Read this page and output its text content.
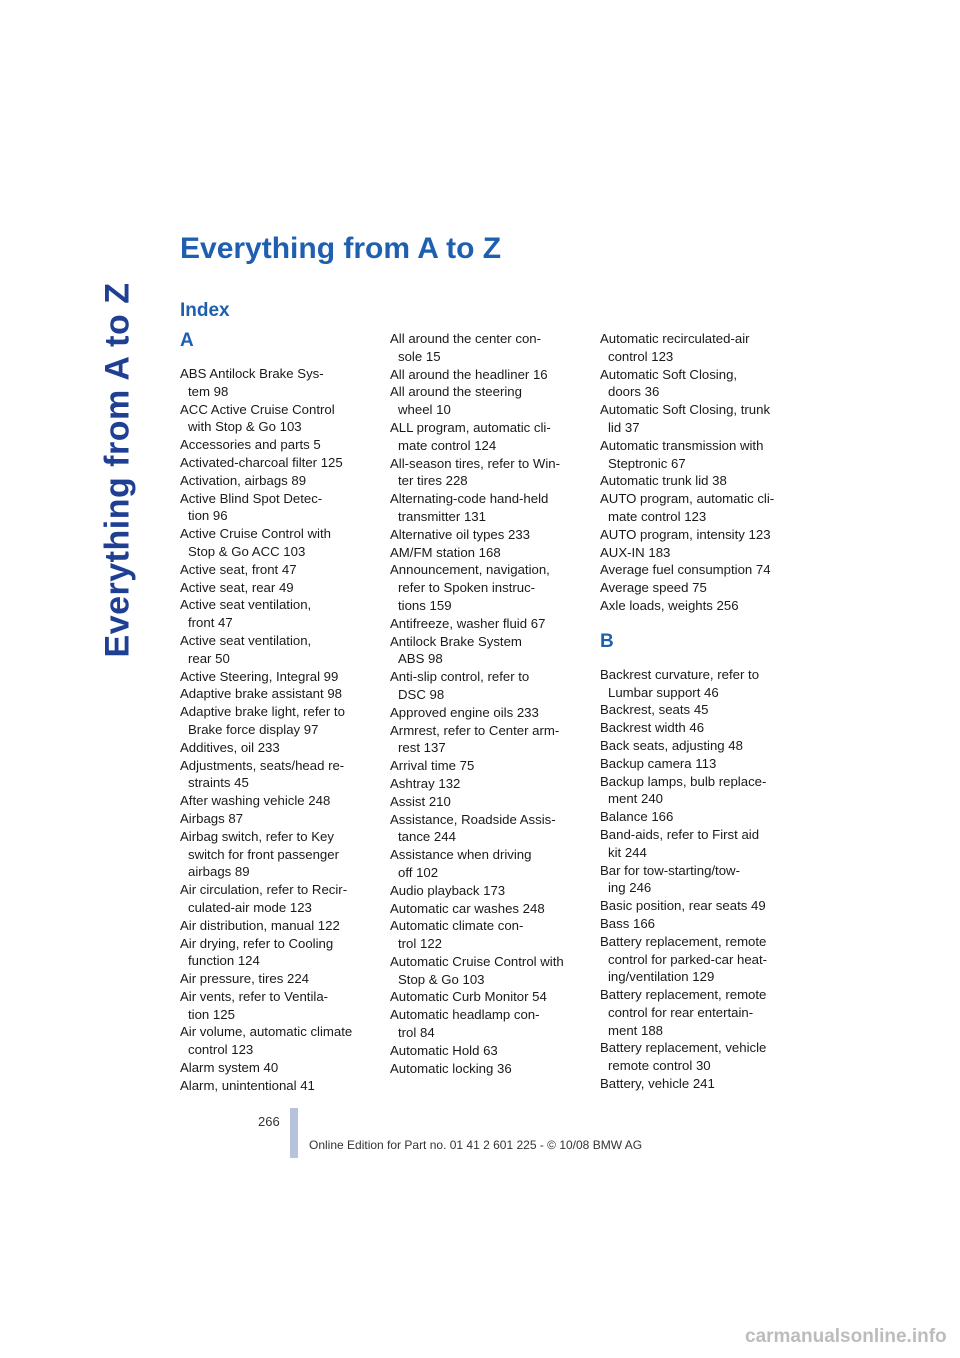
Everything from A to Z
Everything from A to Z
Index
A
ABS Antilock Brake Sys-
tem 98
ACC Active Cruise Control
with Stop & Go 103
Accessories and parts 5
Activated-charcoal filter 125
Activation, airbags 89
Active Blind Spot Detec-
tion 96
Active Cruise Control with
Stop & Go ACC 103
Active seat, front 47
Active seat, rear 49
Active seat ventilation,
front 47
Active seat ventilation,
rear 50
Active Steering, Integral 99
Adaptive brake assistant 98
Adaptive brake light, refer to
Brake force display 97
Additives, oil 233
Adjustments, seats/head re-
straints 45
After washing vehicle 248
Airbags 87
Airbag switch, refer to Key
switch for front passenger
airbags 89
Air circulation, refer to Recir-
culated-air mode 123
Air distribution, manual 122
Air drying, refer to Cooling
function 124
Air pressure, tires 224
Air vents, refer to Ventila-
tion 125
Air volume, automatic climate
control 123
Alarm system 40
Alarm, unintentional 41
All around the center con-
sole 15
All around the headliner 16
All around the steering
wheel 10
ALL program, automatic cli-
mate control 124
All-season tires, refer to Win-
ter tires 228
Alternating-code hand-held
transmitter 131
Alternative oil types 233
AM/FM station 168
Announcement, navigation,
refer to Spoken instruc-
tions 159
Antifreeze, washer fluid 67
Antilock Brake System
ABS 98
Anti-slip control, refer to
DSC 98
Approved engine oils 233
Armrest, refer to Center arm-
rest 137
Arrival time 75
Ashtray 132
Assist 210
Assistance, Roadside Assis-
tance 244
Assistance when driving
off 102
Audio playback 173
Automatic car washes 248
Automatic climate con-
trol 122
Automatic Cruise Control with
Stop & Go 103
Automatic Curb Monitor 54
Automatic headlamp con-
trol 84
Automatic Hold 63
Automatic locking 36
Automatic recirculated-air
control 123
Automatic Soft Closing,
doors 36
Automatic Soft Closing, trunk
lid 37
Automatic transmission with
Steptronic 67
Automatic trunk lid 38
AUTO program, automatic cli-
mate control 123
AUTO program, intensity 123
AUX-IN 183
Average fuel consumption 74
Average speed 75
Axle loads, weights 256
B
Backrest curvature, refer to
Lumbar support 46
Backrest, seats 45
Backrest width 46
Back seats, adjusting 48
Backup camera 113
Backup lamps, bulb replace-
ment 240
Balance 166
Band-aids, refer to First aid
kit 244
Bar for tow-starting/tow-
ing 246
Basic position, rear seats 49
Bass 166
Battery replacement, remote
control for parked-car heat-
ing/ventilation 129
Battery replacement, remote
control for rear entertain-
ment 188
Battery replacement, vehicle
remote control 30
Battery, vehicle 241
266
Online Edition for Part no. 01 41 2 601 225 - © 10/08 BMW AG
carmanualsonline.info
